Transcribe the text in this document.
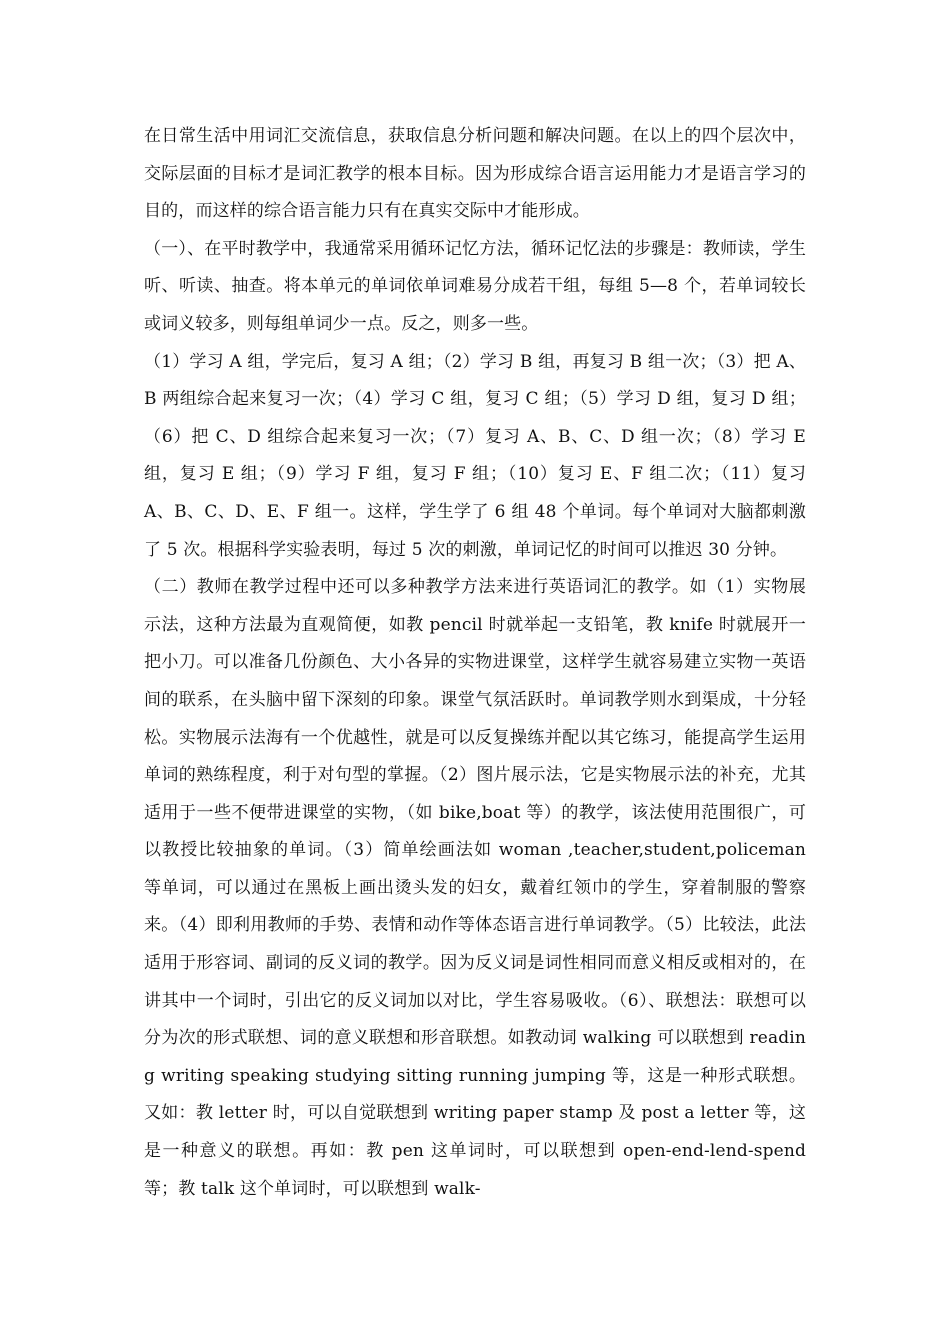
在日常生活中用词汇交流信息，获取信息分析问题和解决问题。在以上的四个层次中，交际层面的目标才是词汇教学的根本目标。因为形成综合语言运用能力才是语言学习的目的，而这样的综合语言能力只有在真实交际中才能形成。

（一）、在平时教学中，我通常采用循环记忆方法，循环记忆法的步骤是：教师读，学生听、听读、抽查。将本单元的单词依单词难易分成若干组，每组 5—8 个，若单词较长或词义较多，则每组单词少一点。反之，则多一些。

（1）学习 A 组，学完后，复习 A 组；（2）学习 B 组，再复习 B 组一次；（3）把 A、B 两组综合起来复习一次；（4）学习 C 组，复习 C 组；（5）学习 D 组，复习 D 组；（6）把 C、D 组综合起来复习一次；（7）复习 A、B、C、D 组一次；（8）学习 E 组，复习 E 组；（9）学习 F 组，复习 F 组；（10）复习 E、F 组二次；（11）复习 A、B、C、D、E、F 组一。这样，学生学了 6 组 48 个单词。每个单词对大脑都刺激了 5 次。根据科学实验表明，每过 5 次的刺激，单词记忆的时间可以推迟 30 分钟。

（二）教师在教学过程中还可以多种教学方法来进行英语词汇的教学。如（1）实物展示法，这种方法最为直观简便，如教 pencil 时就举起一支铅笔，教 knife 时就展开一把小刀。可以准备几份颜色、大小各异的实物进课堂，这样学生就容易建立实物一英语间的联系，在头脑中留下深刻的印象。课堂气氛活跃时。单词教学则水到渠成，十分轻松。实物展示法海有一个优越性，就是可以反复操练并配以其它练习，能提高学生运用单词的熟练程度，利于对句型的掌握。（2）图片展示法，它是实物展示法的补充，尤其适用于一些不便带进课堂的实物，（如 bike,boat 等）的教学，该法使用范围很广，可以教授比较抽象的单词。（3）简单绘画法如 woman ,teacher,student,policeman 等单词，可以通过在黑板上画出烫头发的妇女，戴着红领巾的学生，穿着制服的警察来。（4）即利用教师的手势、表情和动作等体态语言进行单词教学。（5）比较法，此法适用于形容词、副词的反义词的教学。因为反义词是词性相同而意义相反或相对的，在讲其中一个词时，引出它的反义词加以对比，学生容易吸收。（6）、联想法：联想可以分为次的形式联想、词的意义联想和形音联想。如教动词 walking 可以联想到 reading writing speaking studying sitting running jumping 等，这是一种形式联想。又如：教 letter 时，可以自觉联想到 writing paper stamp 及 post a letter 等，这是一种意义的联想。再如：教 pen 这单词时，可以联想到 open-end-lend-spend 等；教 talk 这个单词时，可以联想到 walk-
